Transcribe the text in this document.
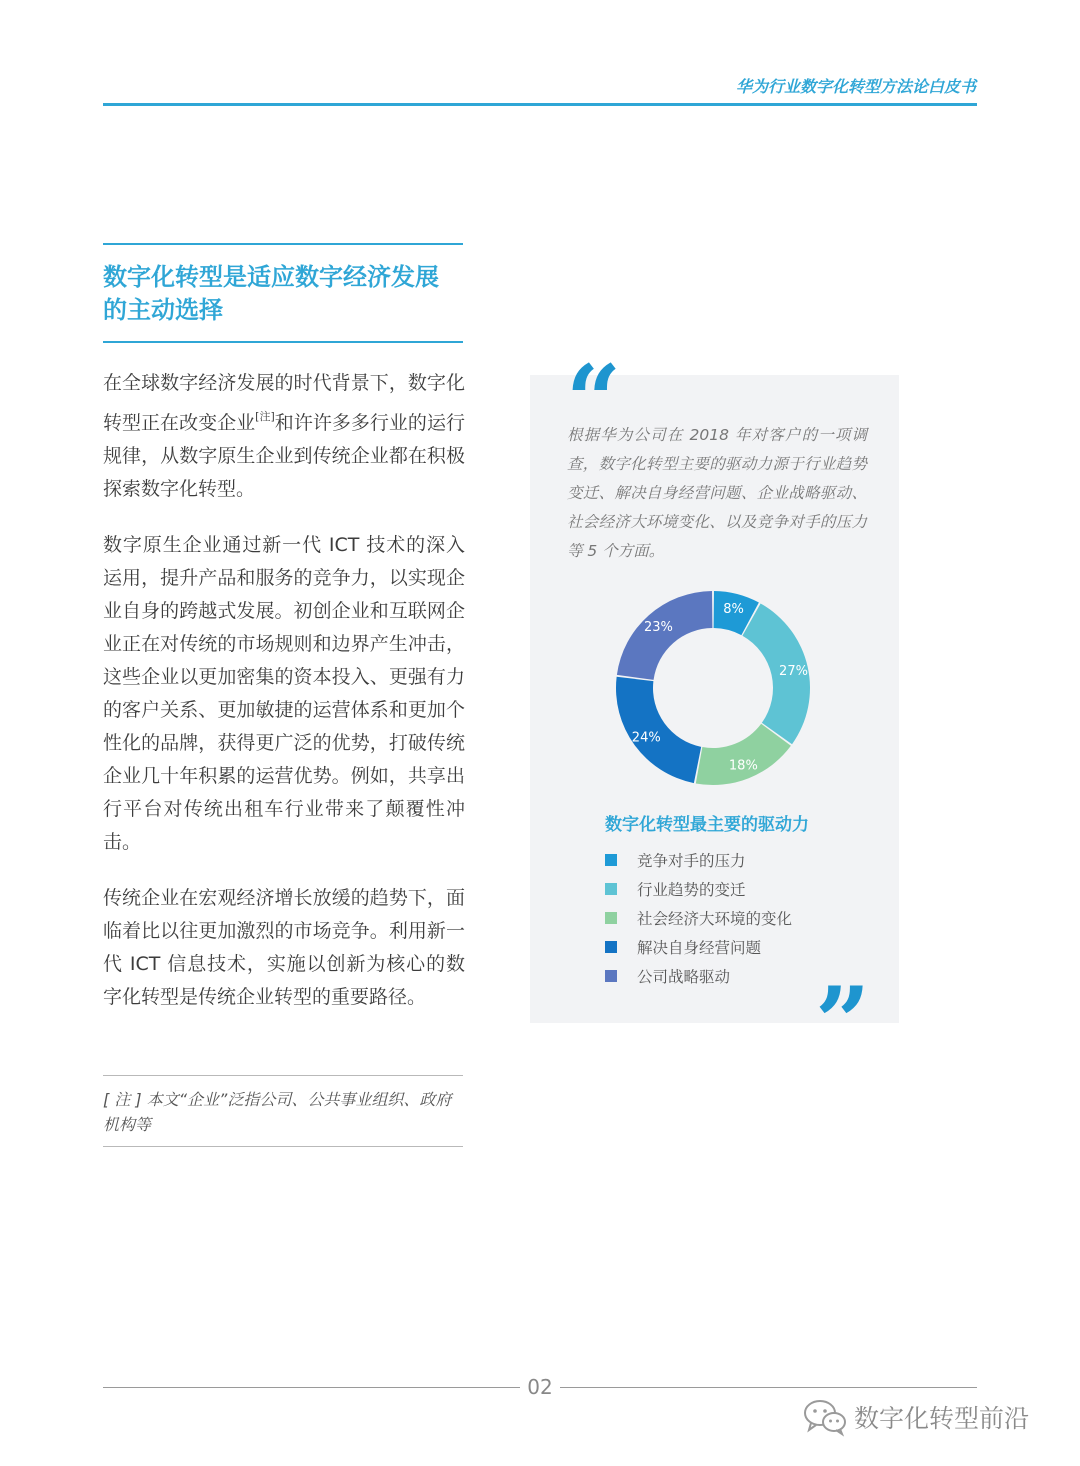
华为行业数字化转型方法论白皮书
数字化转型是适应数字经济发展
的主动选择

在全球数字经济发展的时代背景下，数字化转型正在改变企业[注]和许许多多行业的运行规律，从数字原生企业到传统企业都在积极探索数字化转型。

数字原生企业通过新一代 ICT 技术的深入运用，提升产品和服务的竞争力，以实现企业自身的跨越式发展。初创企业和互联网企业正在对传统的市场规则和边界产生冲击，这些企业以更加密集的资本投入、更强有力的客户关系、更加敏捷的运营体系和更加个性化的品牌，获得更广泛的优势，打破传统企业几十年积累的运营优势。例如，共享出行平台对传统出租车行业带来了颠覆性冲击。

传统企业在宏观经济增长放缓的趋势下，面临着比以往更加激烈的市场竞争。利用新一代 ICT 信息技术，实施以创新为核心的数字化转型是传统企业转型的重要路径。

[ 注 ] 本文“企业”泛指公司、公共事业组织、政府机构等

“

根据华为公司在 2018 年对客户的一项调查，数字化转型主要的驱动力源于行业趋势变迁、解决自身经营问题、企业战略驱动、社会经济大环境变化、以及竞争对手的压力等 5 个方面。

8%
27%
18%
24%
23%
数字化转型最主要的驱动力
竞争对手的压力
行业趋势的变迁
社会经济大环境的变化
解决自身经营问题
公司战略驱动 ”
02
数字化转型前沿
